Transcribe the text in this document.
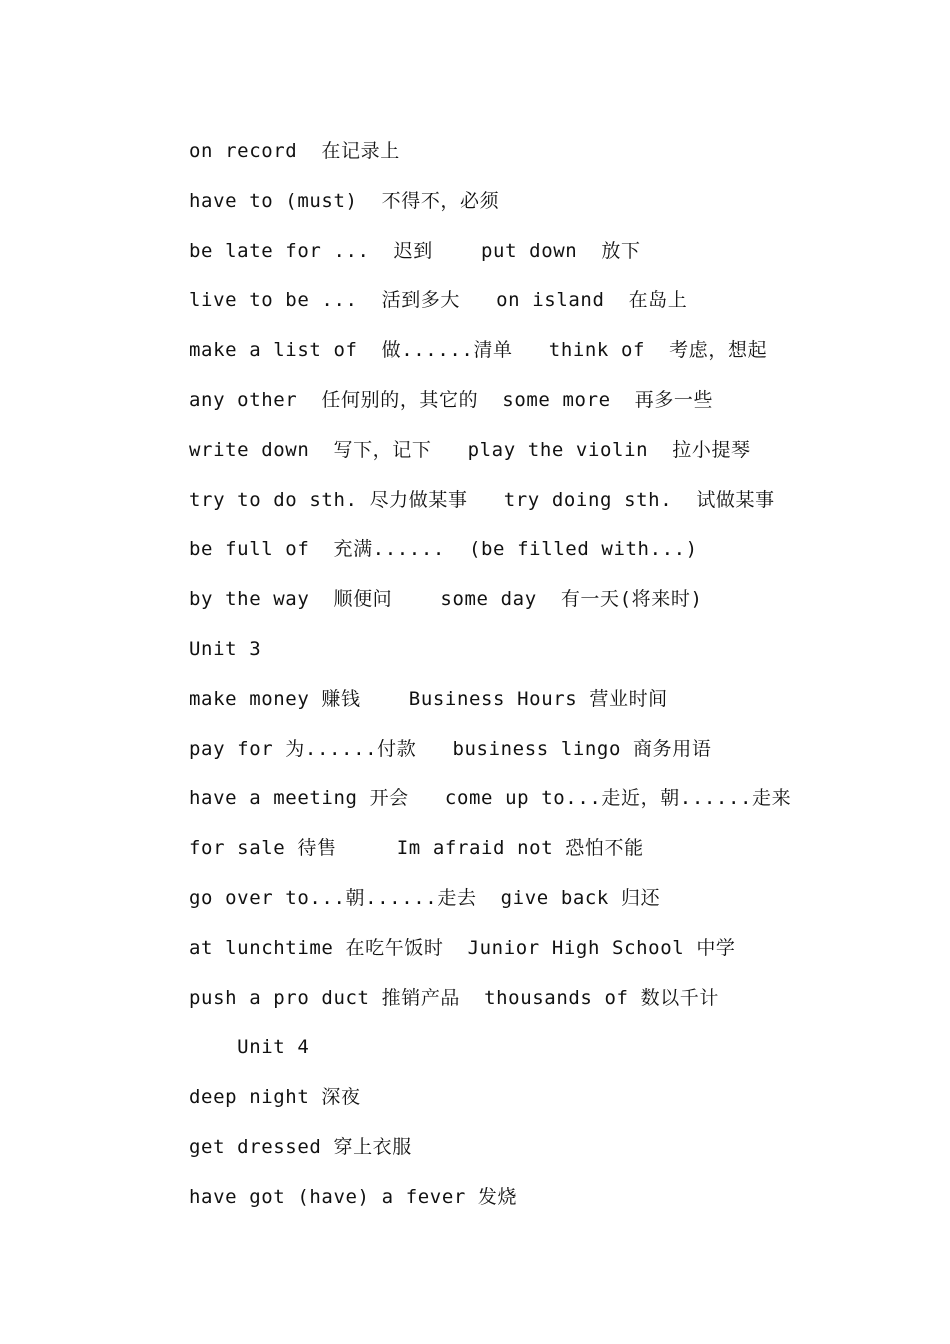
on record  在记录上
have to (must)  不得不，必须
be late for ...  迟到    put down  放下
live to be ...  活到多大   on island  在岛上
make a list of  做......清单   think of  考虑，想起
any other  任何别的，其它的  some more  再多一些
write down  写下，记下   play the violin  拉小提琴
try to do sth. 尽力做某事   try doing sth.  试做某事
be full of  充满......  (be filled with...)
by the way  顺便问    some day  有一天(将来时)
Unit 3
make money 赚钱    Business Hours 营业时间
pay for 为......付款   business lingo 商务用语
have a meeting 开会   come up to...走近，朝......走来
for sale 待售     Im afraid not 恐怕不能
go over to...朝......走去  give back 归还
at lunchtime 在吃午饭时  Junior High School 中学
push a pro duct 推销产品  thousands of 数以千计
Unit 4
deep night 深夜
get dressed 穿上衣服
have got (have) a fever 发烧
